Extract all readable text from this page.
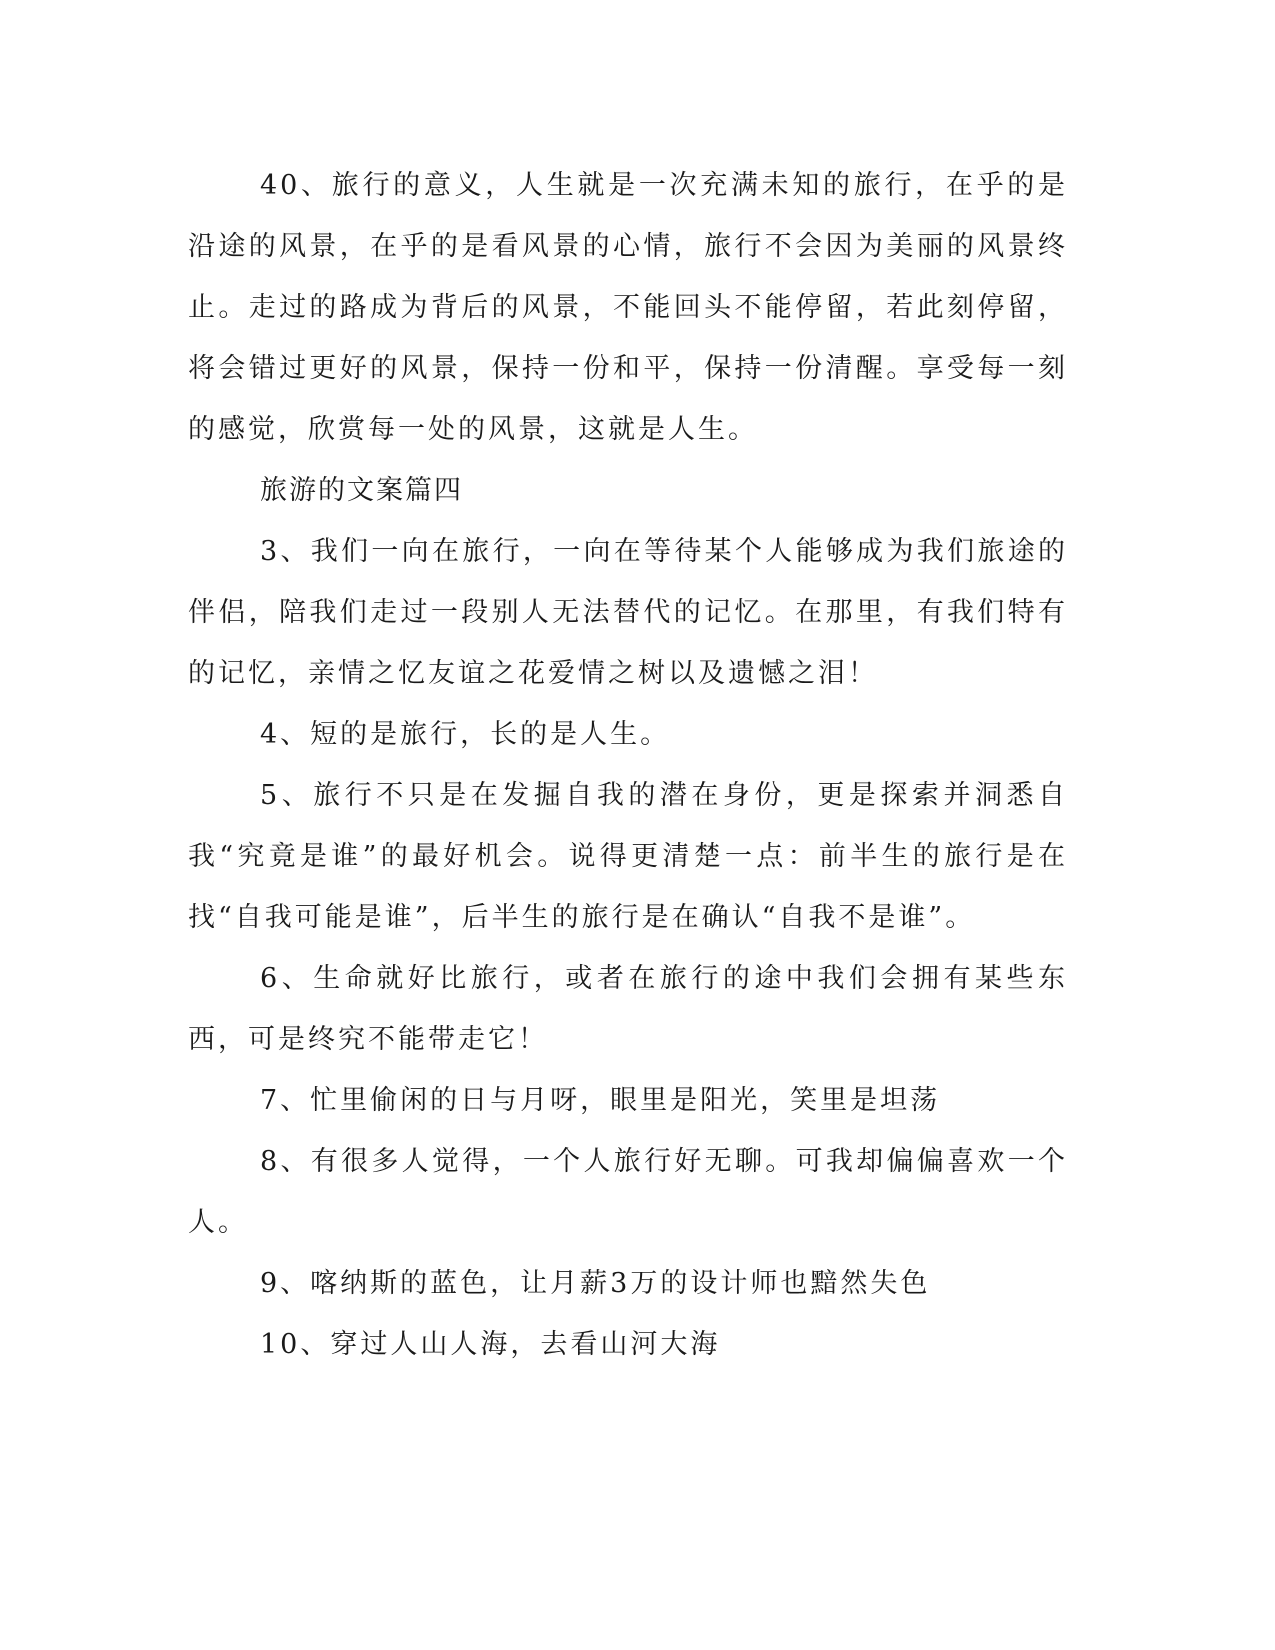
40、旅行的意义，人生就是一次充满未知的旅行，在乎的是沿途的风景，在乎的是看风景的心情，旅行不会因为美丽的风景终止。走过的路成为背后的风景，不能回头不能停留，若此刻停留，将会错过更好的风景，保持一份和平，保持一份清醒。享受每一刻的感觉，欣赏每一处的风景，这就是人生。

旅游的文案篇四

3、我们一向在旅行，一向在等待某个人能够成为我们旅途的伴侣，陪我们走过一段别人无法替代的记忆。在那里，有我们特有的记忆，亲情之忆友谊之花爱情之树以及遗憾之泪！

4、短的是旅行，长的是人生。

5、旅行不只是在发掘自我的潜在身份，更是探索并洞悉自我“究竟是谁”的最好机会。说得更清楚一点：前半生的旅行是在找“自我可能是谁”，后半生的旅行是在确认“自我不是谁”。

6、生命就好比旅行，或者在旅行的途中我们会拥有某些东西，可是终究不能带走它！

7、忙里偷闲的日与月呀，眼里是阳光，笑里是坦荡

8、有很多人觉得，一个人旅行好无聊。可我却偏偏喜欢一个人。

9、喀纳斯的蓝色，让月薪3万的设计师也黯然失色

10、穿过人山人海，去看山河大海
